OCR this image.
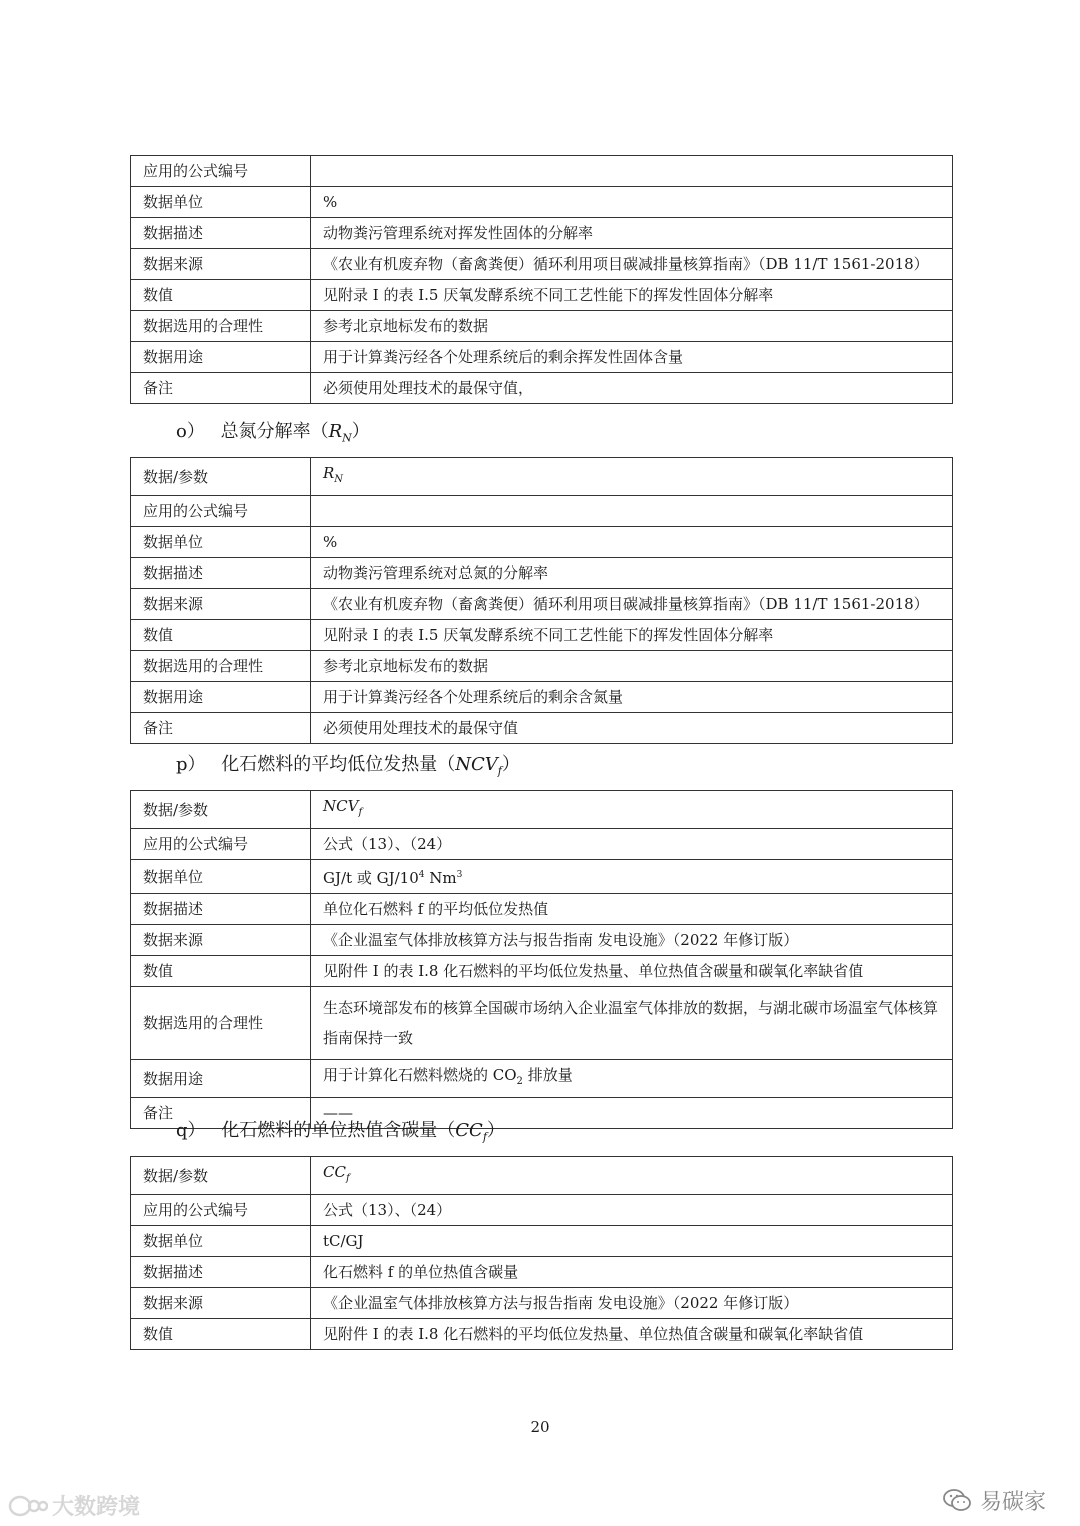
应用的公式编号	
数据单位	%
数据描述	动物粪污管理系统对挥发性固体的分解率
数据来源	《农业有机废弃物（畜禽粪便）循环利用项目碳减排量核算指南》（DB 11/T 1561-2018）
数值	见附录 I 的表 I.5 厌氧发酵系统不同工艺性能下的挥发性固体分解率
数据选用的合理性	参考北京地标发布的数据
数据用途	用于计算粪污经各个处理系统后的剩余挥发性固体含量
备注	必须使用处理技术的最保守值，
o） 总氮分解率$(R_N)$
数据/参数	$R_N$
应用的公式编号	
数据单位	%
数据描述	动物粪污管理系统对总氮的分解率
数据来源	《农业有机废弃物（畜禽粪便）循环利用项目碳减排量核算指南》（DB 11/T 1561-2018）
数值	见附录 I 的表 I.5 厌氧发酵系统不同工艺性能下的挥发性固体分解率
数据选用的合理性	参考北京地标发布的数据
数据用途	用于计算粪污经各个处理系统后的剩余含氮量
备注	必须使用处理技术的最保守值
p） 化石燃料的平均低位发热量$(NCV_f)$
数据/参数	$NCV_f$
应用的公式编号	公式（13）、（24）
数据单位	GJ/t 或 $GJ/10^4$ Nm$^3$
数据描述	单位化石燃料 f 的平均低位发热值
数据来源	《企业温室气体排放核算方法与报告指南 发电设施》（2022 年修订版）
数值	见附件 I 的表 I.8 化石燃料的平均低位发热量、单位热值含碳量和碳氧化率缺省值
数据选用的合理性	生态环境部发布的核算全国碳市场纳入企业温室气体排放的数据，与湖北碳市场温室气体核算指南保持一致
数据用途	用于计算化石燃料燃烧的 $CO_2$ 排放量
备注	——
q） 化石燃料的单位热值含碳量$(CC_f)$
数据/参数	$CC_f$
应用的公式编号	公式（13）、（24）
数据单位	tC/GJ
数据描述	化石燃料 f 的单位热值含碳量
数据来源	《企业温室气体排放核算方法与报告指南 发电设施》（2022 年修订版）
数值	见附件 I 的表 I.8 化石燃料的平均低位发热量、单位热值含碳量和碳氧化率缺省值
20
大数跨境	易碳家
